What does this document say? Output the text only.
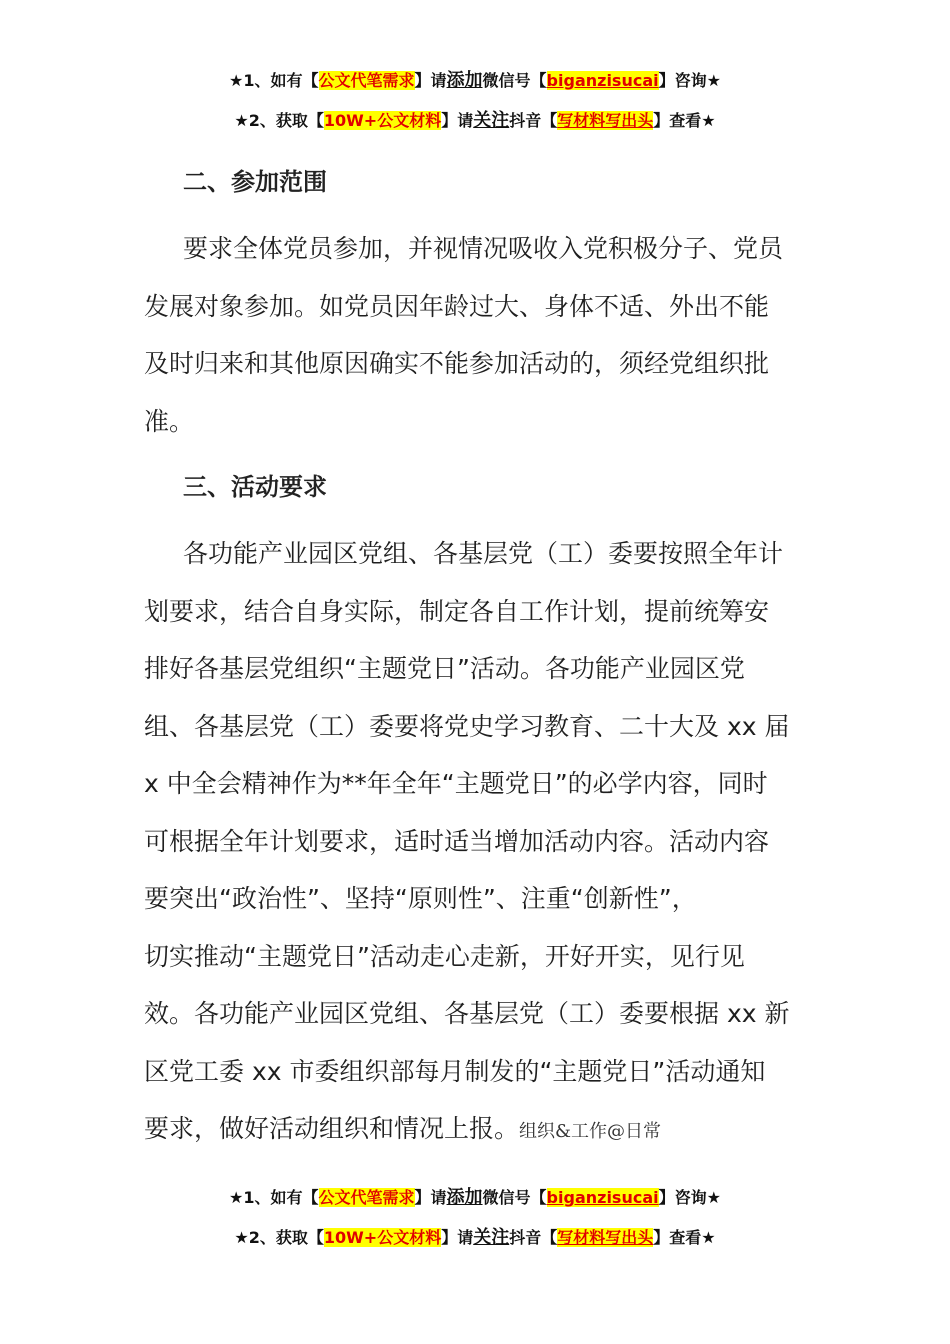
★1、如有【公文代笔需求】请添加微信号【biganzisucai】咨询★
★2、获取【10W+公文材料】请关注抖音【写材料写出头】查看★
二、参加范围
要求全体党员参加，并视情况吸收入党积极分子、党员
发展对象参加。如党员因年龄过大、身体不适、外出不能
及时归来和其他原因确实不能参加活动的，须经党组织批
准。
三、活动要求
各功能产业园区党组、各基层党（工）委要按照全年计
划要求，结合自身实际，制定各自工作计划，提前统筹安
排好各基层党组织“主题党日”活动。各功能产业园区党
组、各基层党（工）委要将党史学习教育、二十大及 xx 届
x 中全会精神作为**年全年“主题党日”的必学内容，同时
可根据全年计划要求，适时适当增加活动内容。活动内容
要突出“政治性”、坚持“原则性”、注重“创新性”，
切实推动“主题党日”活动走心走新，开好开实，见行见
效。各功能产业园区党组、各基层党（工）委要根据 xx 新
区党工委 xx 市委组织部每月制发的“主题党日”活动通知
要求，做好活动组织和情况上报。组织&工作@日常
★1、如有【公文代笔需求】请添加微信号【biganzisucai】咨询★
★2、获取【10W+公文材料】请关注抖音【写材料写出头】查看★
